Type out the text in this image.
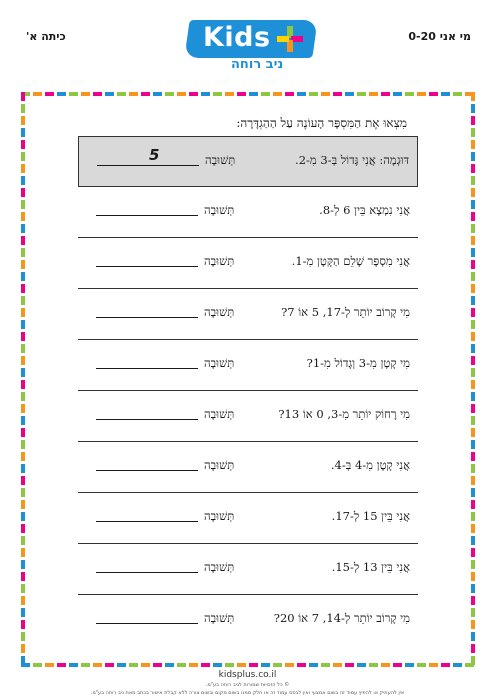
כיתה א'	מי אני 0-20
Kids
ניב רוחה
מִצְאוּ אֶת הַמִּסְפָּר הָעוֹנֶה עַל הַהַגְדָּרָה:
דּוּגְמָה: אֲנִי גָּדוֹל בְּ-3 מִ-2.
תְּשׁוּבָה
5
אֲנִי נִמְצָא בֵּין 6 לְ-8.
תְּשׁוּבָה
אֲנִי מִסְפָּר שָׁלֵם הַקָּטָן מִ-1.
תְּשׁוּבָה
מִי קָרוֹב יוֹתֵר לְ-17, 5 אוֹ 7?
תְּשׁוּבָה
מִי קָטָן מִ-3 וְגָדוֹל מִ-1?
תְּשׁוּבָה
מִי רָחוֹק יוֹתֵר מִ-3, 0 אוֹ 13?
תְּשׁוּבָה
אֲנִי קָטָן מִ-4 בְּ-4.
תְּשׁוּבָה
אֲנִי בֵּין 15 לְ-17.
תְּשׁוּבָה
אֲנִי בֵּין 13 לְ-15.
תְּשׁוּבָה
מִי קָרוֹב יוֹתֵר לְ-14, 7 אוֹ 20?
תְּשׁוּבָה
kidsplus.co.il
© כל הזכויות שמורות לניב רוחה בע"מ.
אין להעתיק או להפיץ עמוד זה בשום אמצעי ואין לבסס עמוד זה או חלק ממנו בשום מקום ובשום צורה ללא קבלת אישור בכתב מאת ניב רוחה בע"מ.
